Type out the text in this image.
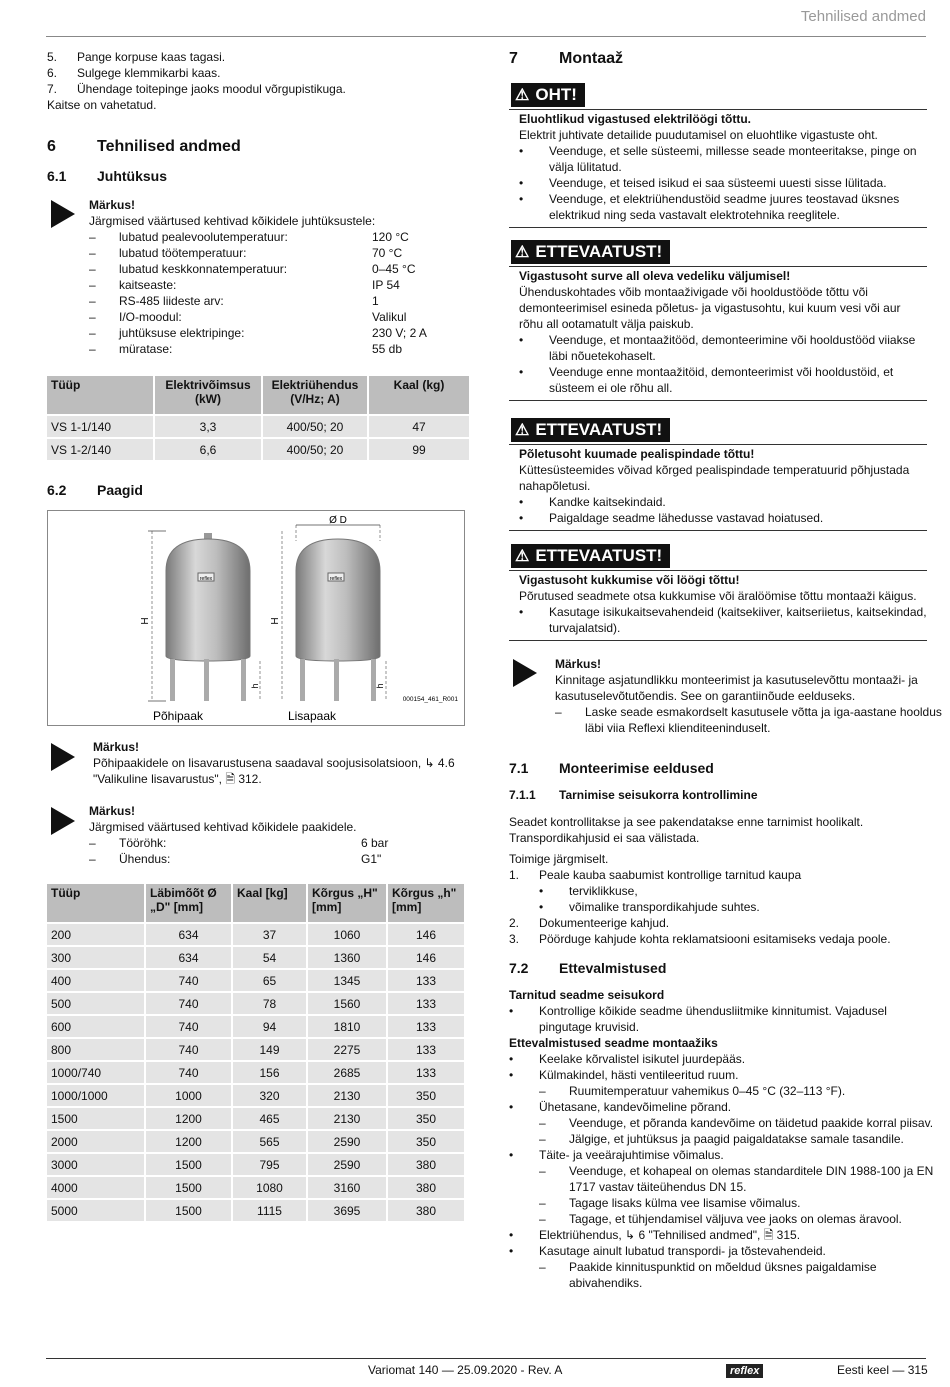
Tehnilised andmed
5. Pange korpuse kaas tagasi.
6. Sulgege klemmikarbi kaas.
7. Ühendage toitepinge jaoks moodul võrgupistikuga.
Kaitse on vahetatud.
6	Tehnilised andmed
6.1 Juhtüksus
Märkus!
Järgmised väärtused kehtivad kõikidele juhtüksustele:
– lubatud pealevoolutemperatuur:	120 °C
– lubatud töötemperatuur:	70 °C
– lubatud keskkonnatemperatuur:	0–45 °C
– kaitseaste:	IP 54
– RS-485 liideste arv:	1
– I/O-moodul:	Valikul
– juhtüksuse elektripinge:	230 V; 2 A
– müratase:	55 db
Tüüp	Elektrivõimsus (kW)	Elektriühendus (V/Hz; A)	Kaal (kg)
VS 1-1/140	3,3	400/50; 20	47
VS 1-2/140	6,6	400/50; 20	99
6.2 Paagid
reflex	reflex
Ø D
H	H
h	h
000154_461_R001
Põhipaak	Lisapaak
Märkus!
Põhipaakidele on lisavarustusena saadaval soojusisolatsioon, ↳ 4.6
"Valikuline lisavarustus", 🗎 312.
Märkus!
Järgmised väärtused kehtivad kõikidele paakidele.
– Tööröhk:	6 bar
– Ühendus:	G1"
Tüüp	Läbimõõt Ø „D" [mm]	Kaal [kg]	Kõrgus „H" [mm]	Kõrgus „h" [mm]
200	634	37	1060	146
300	634	54	1360	146
400	740	65	1345	133
500	740	78	1560	133
600	740	94	1810	133
800	740	149	2275	133
1000/740	740	156	2685	133
1000/1000	1000	320	2130	350
1500	1200	465	2130	350
2000	1200	565	2590	350
3000	1500	795	2590	380
4000	1500	1080	3160	380
5000	1500	1115	3695	380
7	Montaaž
⚠ OHT!
Eluohtlikud vigastused elektrilöögi tõttu.
Elektrit juhtivate detailide puudutamisel on eluohtlike vigastuste oht.
• Veenduge, et selle süsteemi, millesse seade monteeritakse, pinge on
välja lülitatud.
• Veenduge, et teised isikud ei saa süsteemi uuesti sisse lülitada.
• Veenduge, et elektriühendustöid seadme juures teostavad üksnes
elektrikud ning seda vastavalt elektrotehnika reeglitele.
⚠ ETTEVAATUST!
Vigastusoht surve all oleva vedeliku väljumisel!
Ühenduskohtades võib montaaživigade või hooldustööde tõttu või
demonteerimisel esineda põletus- ja vigastusohtu, kui kuum vesi või aur
rõhu all ootamatult välja paiskub.
• Veenduge, et montaažitööd, demonteerimine või hooldustööd viiakse
läbi nõuetekohaselt.
• Veenduge enne montaažitöid, demonteerimist või hooldustöid, et
süsteem ei ole rõhu all.
⚠ ETTEVAATUST!
Põletusoht kuumade pealispindade tõttu!
Küttesüsteemides võivad kõrged pealispindade temperatuurid põhjustada
nahapõletusi.
• Kandke kaitsekindaid.
• Paigaldage seadme lähedusse vastavad hoiatused.
⚠ ETTEVAATUST!
Vigastusoht kukkumise või löögi tõttu!
Põrutused seadmete otsa kukkumise või äralöömise tõttu montaaži käigus.
• Kasutage isikukaitsevahendeid (kaitsekiiver, kaitseriietus, kaitsekindad,
turvajalatsid).
Märkus!
Kinnitage asjatundlikku monteerimist ja kasutuselevõttu montaaži- ja
kasutuselevõtutõendis. See on garantiinõude eelduseks.
– Laske seade esmakordselt kasutusele võtta ja iga-aastane hooldus
läbi viia Reflexi klienditeeninduselt.
7.1 Monteerimise eeldused
7.1.1 Tarnimise seisukorra kontrollimine
Seadet kontrollitakse ja see pakendatakse enne tarnimist hoolikalt.
Transpordikahjusid ei saa välistada.
Toimige järgmiselt.
1. Peale kauba saabumist kontrollige tarnitud kaupa
• terviklikkuse,
• võimalike transpordikahjude suhtes.
2. Dokumenteerige kahjud.
3. Pöörduge kahjude kohta reklamatsiooni esitamiseks vedaja poole.
7.2 Ettevalmistused
Tarnitud seadme seisukord
• Kontrollige kõikide seadme ühendusliitmike kinnitumist. Vajadusel
pingutage kruvisid.
Ettevalmistused seadme montaažiks
• Keelake kõrvalistel isikutel juurdepääs.
• Külmakindel, hästi ventileeritud ruum.
– Ruumitemperatuur vahemikus 0–45 °C (32–113 °F).
• Ühetasane, kandevõimeline põrand.
– Veenduge, et põranda kandevõime on täidetud paakide korral piisav.
– Jälgige, et juhtüksus ja paagid paigaldatakse samale tasandile.
• Täite- ja veeärajuhtimise võimalus.
– Veenduge, et kohapeal on olemas standarditele DIN 1988-100 ja EN
1717 vastav täiteühendus DN 15.
– Tagage lisaks külma vee lisamise võimalus.
– Tagage, et tühjendamisel väljuva vee jaoks on olemas äravool.
• Elektriühendus, ↳ 6 "Tehnilised andmed", 🗎 315.
• Kasutage ainult lubatud transpordi- ja tõstevahendeid.
– Paakide kinnituspunktid on mõeldud üksnes paigaldamise
abivahendiks.
Variomat 140 — 25.09.2020 - Rev. A	reflex	Eesti keel — 315
